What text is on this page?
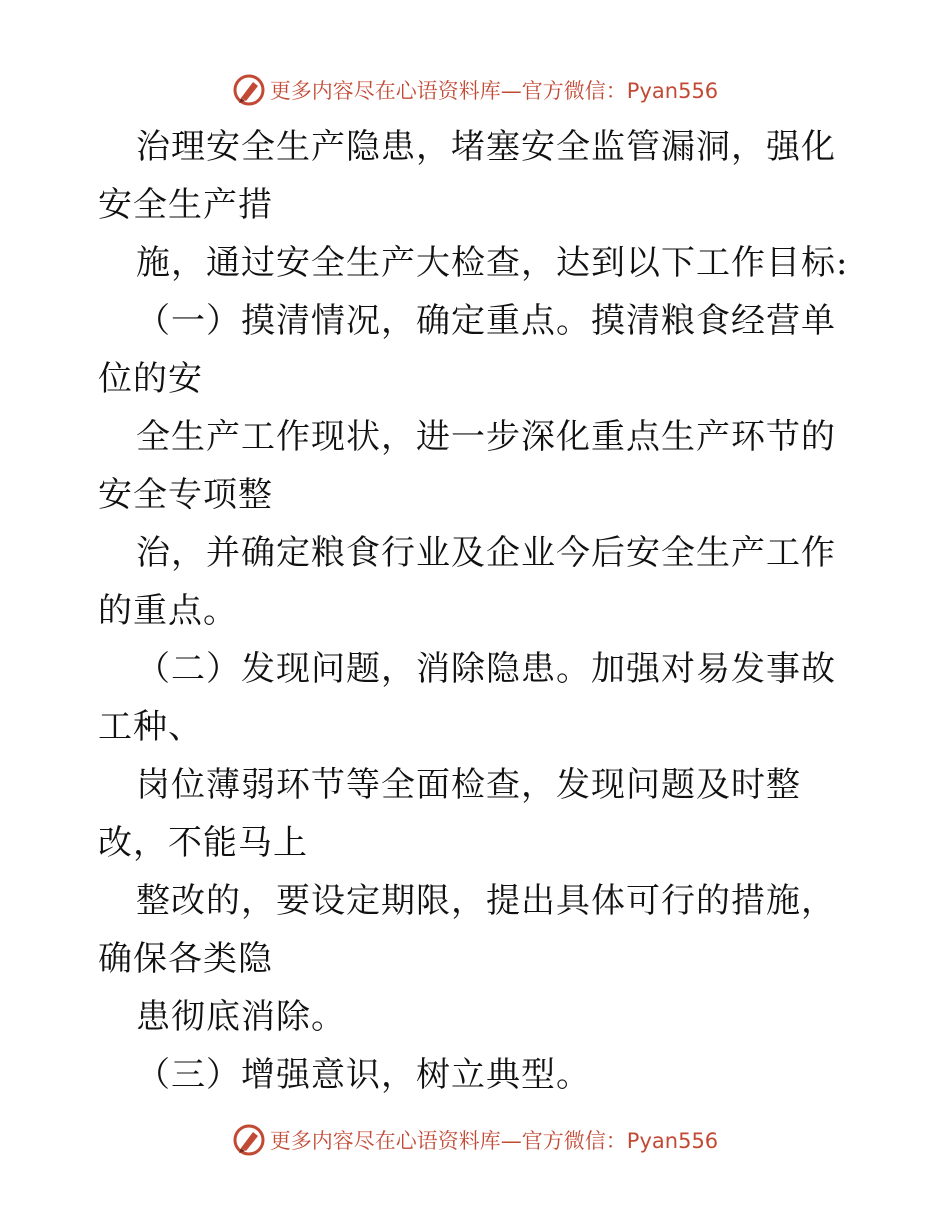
更多内容尽在心语资料库—官方微信：Pyan556

治理安全生产隐患，堵塞安全监管漏洞，强化安全生产措

施，通过安全生产大检查，达到以下工作目标:

（一）摸清情况，确定重点。摸清粮食经营单位的安

全生产工作现状，进一步深化重点生产环节的安全专项整

治，并确定粮食行业及企业今后安全生产工作的重点。

（二）发现问题，消除隐患。加强对易发事故工种、

岗位薄弱环节等全面检查，发现问题及时整改，不能马上

整改的，要设定期限，提出具体可行的措施，确保各类隐

患彻底消除。

（三）增强意识，树立典型。

更多内容尽在心语资料库—官方微信：Pyan556
